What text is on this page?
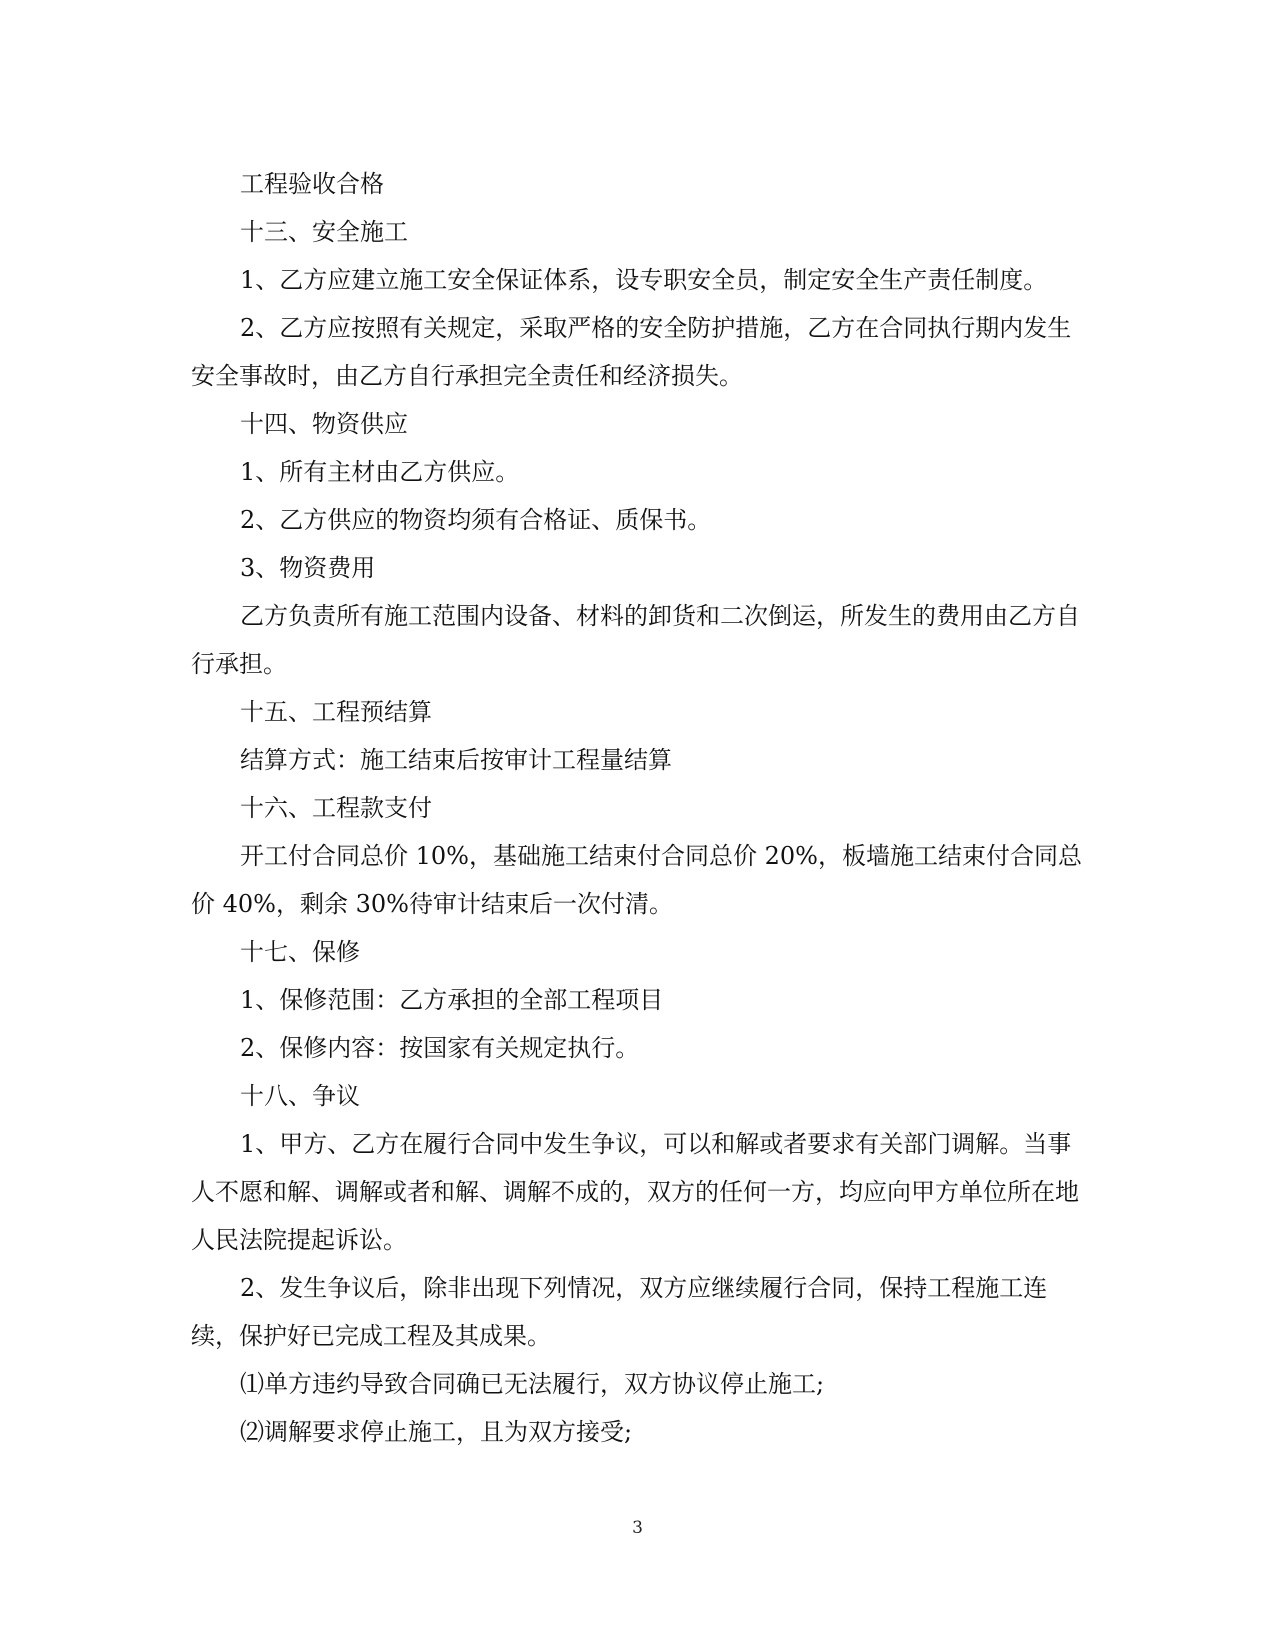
工程验收合格

十三、安全施工

1、乙方应建立施工安全保证体系，设专职安全员，制定安全生产责任制度。

2、乙方应按照有关规定，采取严格的安全防护措施，乙方在合同执行期内发生安全事故时，由乙方自行承担完全责任和经济损失。

十四、物资供应

1、所有主材由乙方供应。

2、乙方供应的物资均须有合格证、质保书。

3、物资费用

乙方负责所有施工范围内设备、材料的卸货和二次倒运，所发生的费用由乙方自行承担。

十五、工程预结算

结算方式：施工结束后按审计工程量结算

十六、工程款支付

开工付合同总价 10%，基础施工结束付合同总价 20%，板墙施工结束付合同总价 40%，剩余 30%待审计结束后一次付清。

十七、保修

1、保修范围：乙方承担的全部工程项目

2、保修内容：按国家有关规定执行。

十八、争议

1、甲方、乙方在履行合同中发生争议，可以和解或者要求有关部门调解。当事人不愿和解、调解或者和解、调解不成的，双方的任何一方，均应向甲方单位所在地人民法院提起诉讼。

2、发生争议后，除非出现下列情况，双方应继续履行合同，保持工程施工连续，保护好已完成工程及其成果。

⑴单方违约导致合同确已无法履行，双方协议停止施工;

⑵调解要求停止施工，且为双方接受;

3
